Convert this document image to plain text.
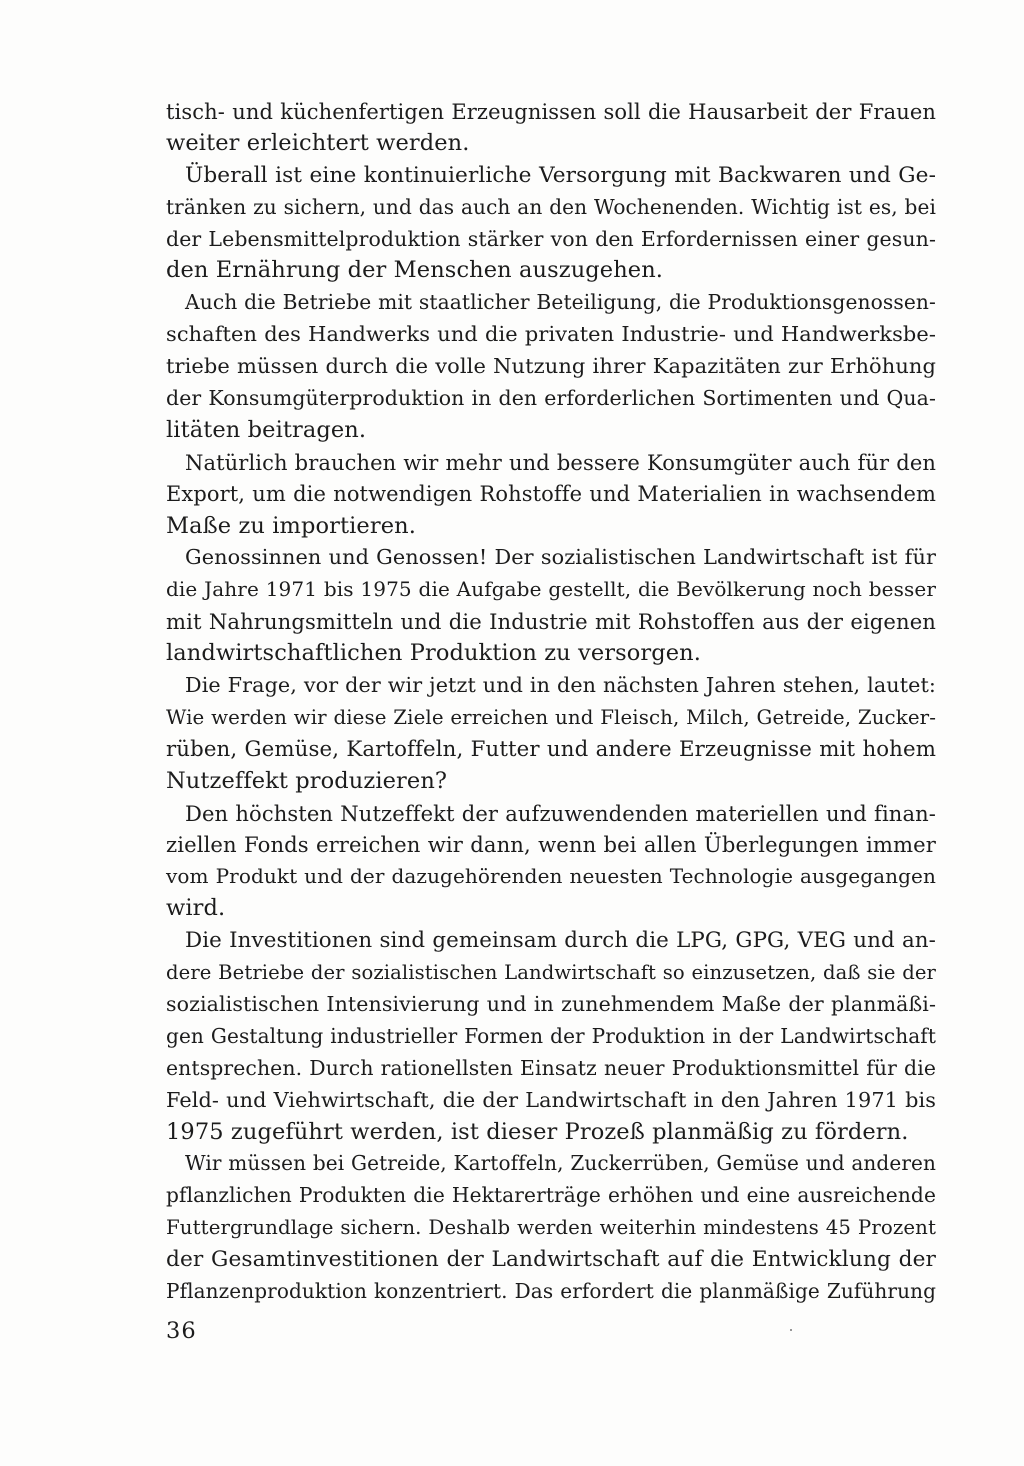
tisch- und küchenfertigen Erzeugnissen soll die Hausarbeit der Frauen
weiter erleichtert werden.
Überall ist eine kontinuierliche Versorgung mit Backwaren und Ge-
tränken zu sichern, und das auch an den Wochenenden. Wichtig ist es, bei
der Lebensmittelproduktion stärker von den Erfordernissen einer gesun-
den Ernährung der Menschen auszugehen.
Auch die Betriebe mit staatlicher Beteiligung, die Produktionsgenossen-
schaften des Handwerks und die privaten Industrie- und Handwerksbe-
triebe müssen durch die volle Nutzung ihrer Kapazitäten zur Erhöhung
der Konsumgüterproduktion in den erforderlichen Sortimenten und Qua-
litäten beitragen.
Natürlich brauchen wir mehr und bessere Konsumgüter auch für den
Export, um die notwendigen Rohstoffe und Materialien in wachsendem
Maße zu importieren.
Genossinnen und Genossen! Der sozialistischen Landwirtschaft ist für
die Jahre 1971 bis 1975 die Aufgabe gestellt, die Bevölkerung noch besser
mit Nahrungsmitteln und die Industrie mit Rohstoffen aus der eigenen
landwirtschaftlichen Produktion zu versorgen.
Die Frage, vor der wir jetzt und in den nächsten Jahren stehen, lautet:
Wie werden wir diese Ziele erreichen und Fleisch, Milch, Getreide, Zucker-
rüben, Gemüse, Kartoffeln, Futter und andere Erzeugnisse mit hohem
Nutzeffekt produzieren?
Den höchsten Nutzeffekt der aufzuwendenden materiellen und finan-
ziellen Fonds erreichen wir dann, wenn bei allen Überlegungen immer
vom Produkt und der dazugehörenden neuesten Technologie ausgegangen
wird.
Die Investitionen sind gemeinsam durch die LPG, GPG, VEG und an-
dere Betriebe der sozialistischen Landwirtschaft so einzusetzen, daß sie der
sozialistischen Intensivierung und in zunehmendem Maße der planmäßi-
gen Gestaltung industrieller Formen der Produktion in der Landwirtschaft
entsprechen. Durch rationellsten Einsatz neuer Produktionsmittel für die
Feld- und Viehwirtschaft, die der Landwirtschaft in den Jahren 1971 bis
1975 zugeführt werden, ist dieser Prozeß planmäßig zu fördern.
Wir müssen bei Getreide, Kartoffeln, Zuckerrüben, Gemüse und anderen
pflanzlichen Produkten die Hektarerträge erhöhen und eine ausreichende
Futtergrundlage sichern. Deshalb werden weiterhin mindestens 45 Prozent
der Gesamtinvestitionen der Landwirtschaft auf die Entwicklung der
Pflanzenproduktion konzentriert. Das erfordert die planmäßige Zuführung
36
